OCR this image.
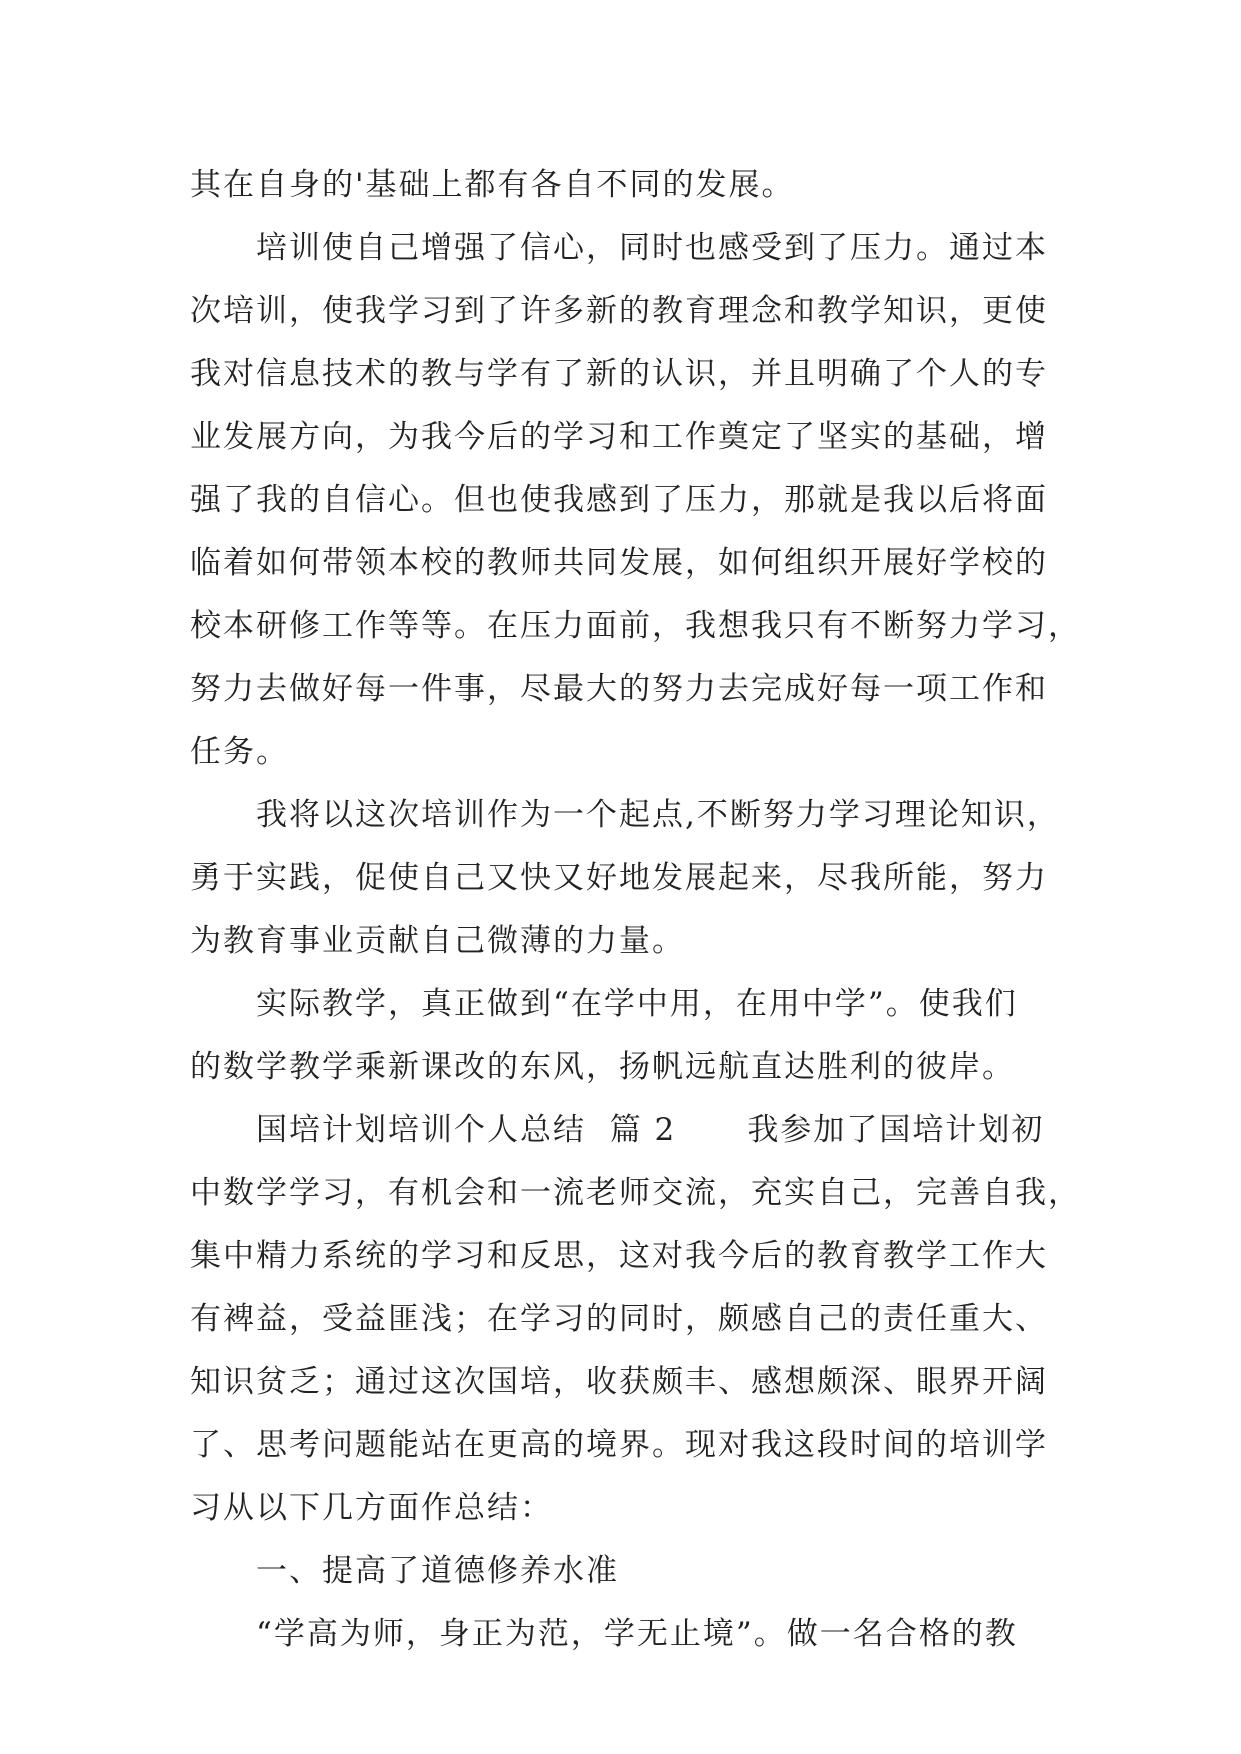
其在自身的'基础上都有各自不同的发展。
培训使自己增强了信心，同时也感受到了压力。通过本
次培训，使我学习到了许多新的教育理念和教学知识，更使
我对信息技术的教与学有了新的认识，并且明确了个人的专
业发展方向，为我今后的学习和工作奠定了坚实的基础，增
强了我的自信心。但也使我感到了压力，那就是我以后将面
临着如何带领本校的教师共同发展，如何组织开展好学校的
校本研修工作等等。在压力面前，我想我只有不断努力学习，
努力去做好每一件事，尽最大的努力去完成好每一项工作和
任务。
我将以这次培训作为一个起点,不断努力学习理论知识，
勇于实践，促使自己又快又好地发展起来，尽我所能，努力
为教育事业贡献自己微薄的力量。
实际教学，真正做到“在学中用，在用中学”。使我们
的数学教学乘新课改的东风，扬帆远航直达胜利的彼岸。
国培计划培训个人总结  篇 2      我参加了国培计划初
中数学学习，有机会和一流老师交流，充实自己，完善自我，
集中精力系统的学习和反思，这对我今后的教育教学工作大
有裨益，受益匪浅；在学习的同时，颇感自己的责任重大、
知识贫乏；通过这次国培，收获颇丰、感想颇深、眼界开阔
了、思考问题能站在更高的境界。现对我这段时间的培训学
习从以下几方面作总结：
一、提高了道德修养水准
“学高为师，身正为范，学无止境”。做一名合格的教
